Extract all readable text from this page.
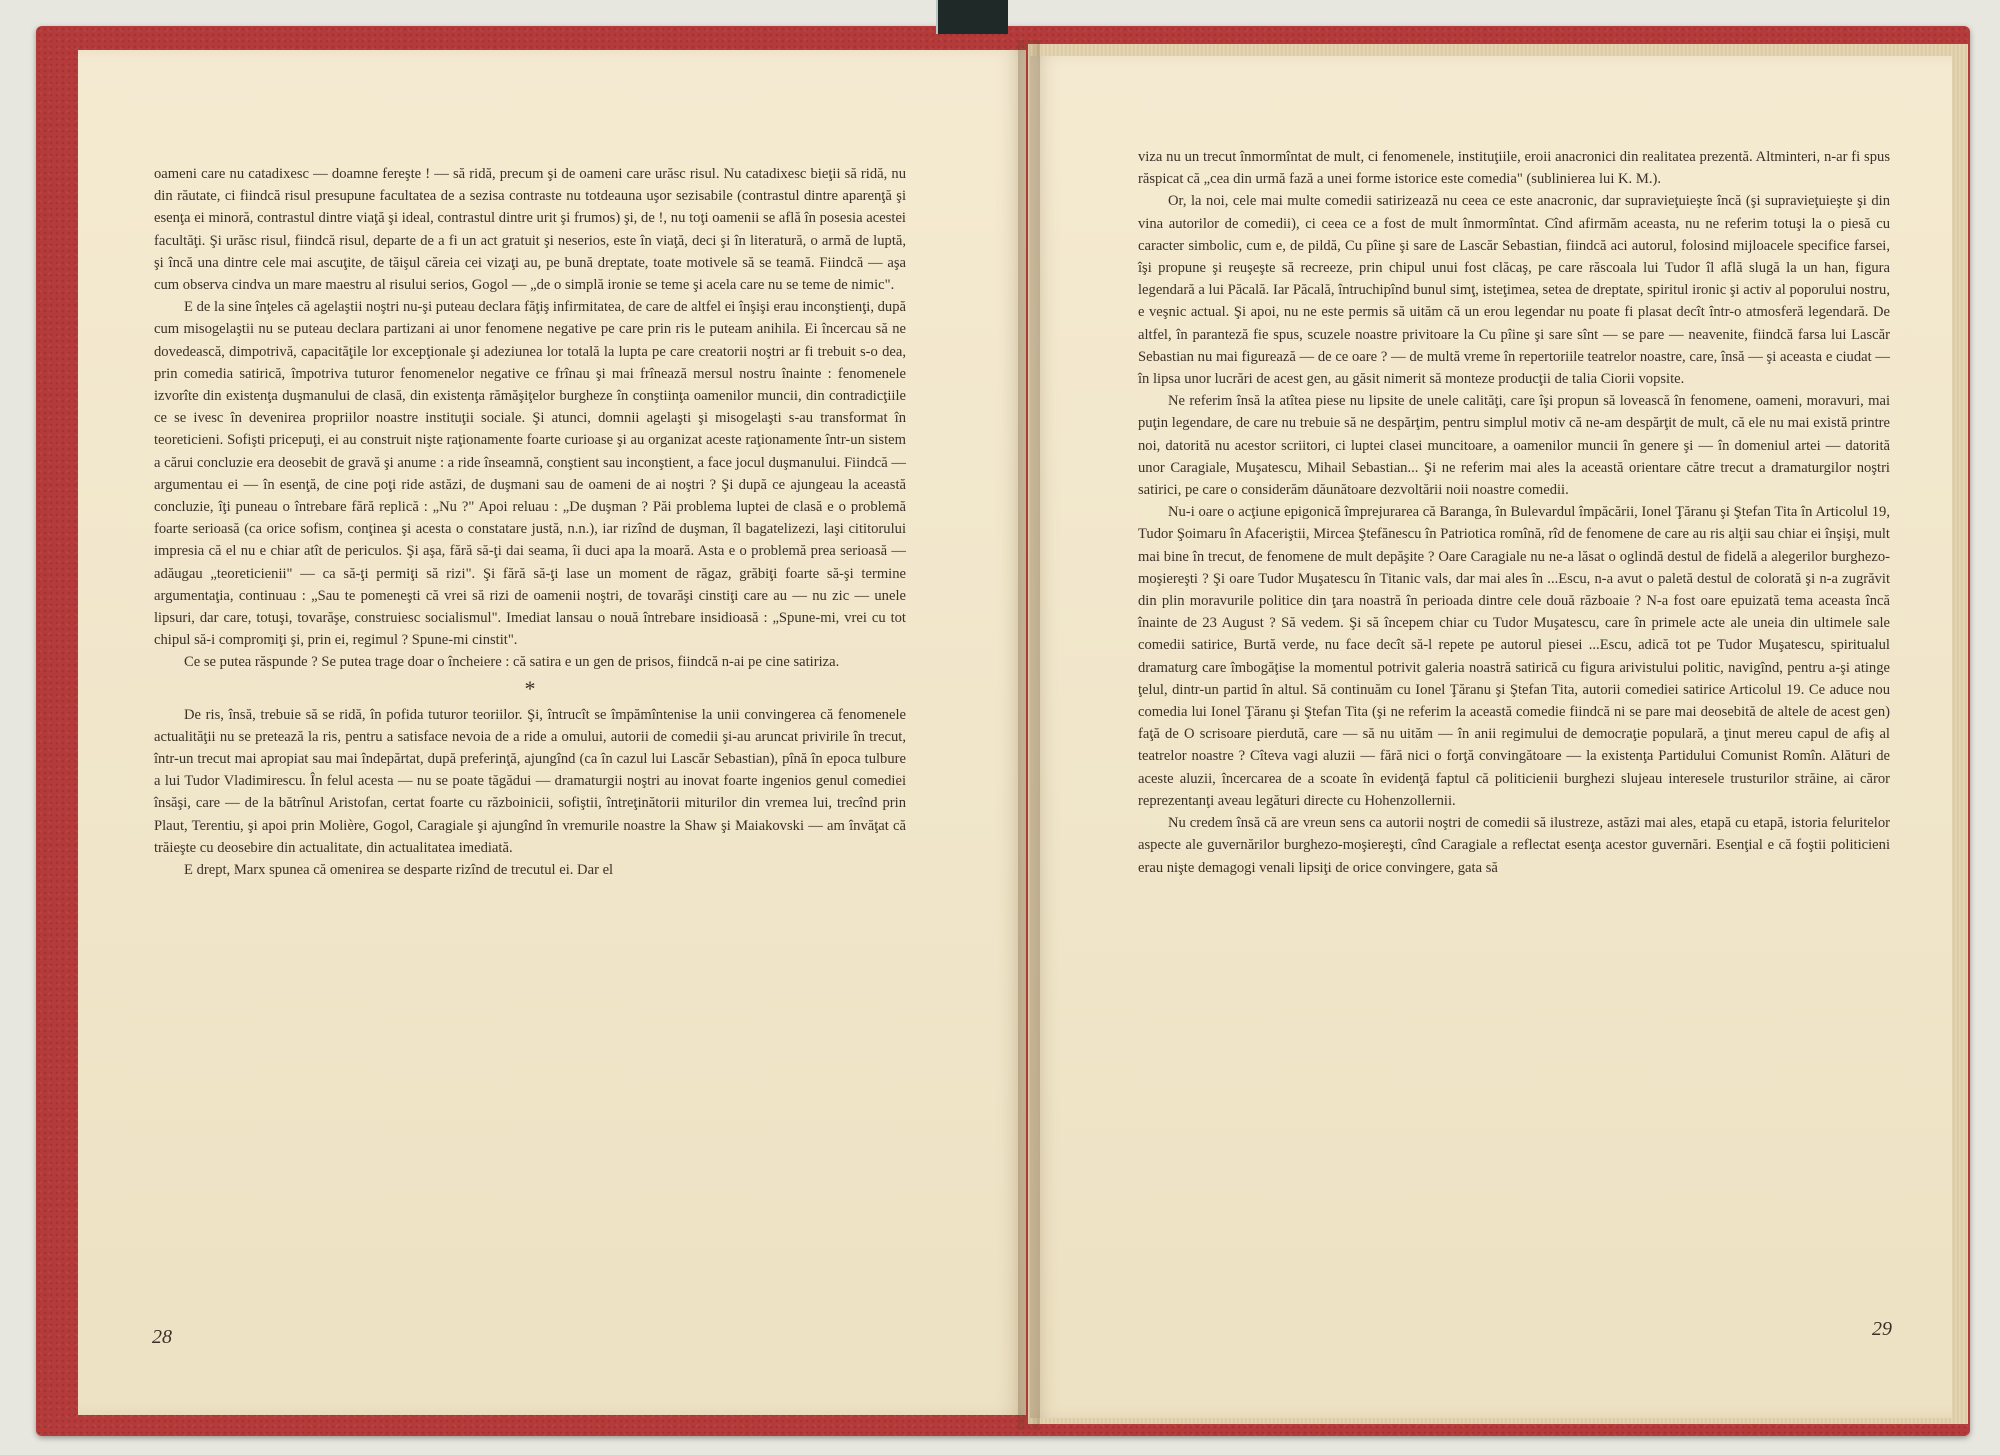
oameni care nu catadixesc — doamne fereşte ! — să ridă, precum şi de oameni care urăsc risul. Nu catadixesc bieţii să ridă, nu din răutate, ci fiindcă risul presupune facultatea de a sezisa contraste nu totdeauna uşor sezisabile (contrastul dintre aparenţă şi esenţa ei minoră, contrastul dintre viaţă şi ideal, contrastul dintre urit şi frumos) şi, de !, nu toţi oamenii se află în posesia acestei facultăţi. Şi urăsc risul, fiindcă risul, departe de a fi un act gratuit şi neserios, este în viaţă, deci şi în literatură, o armă de luptă, şi încă una dintre cele mai ascuţite, de tăişul căreia cei vizaţi au, pe bună dreptate, toate motivele să se teamă. Fiindcă — aşa cum observa cindva un mare maestru al risului serios, Gogol — „de o simplă ironie se teme şi acela care nu se teme de nimic".

E de la sine înţeles că agelaştii noştri nu-şi puteau declara făţiş infirmitatea, de care de altfel ei înşişi erau inconştienţi, după cum misogelaştii nu se puteau declara partizani ai unor fenomene negative pe care prin ris le puteam anihila. Ei încercau să ne dovedească, dimpotrivă, capacităţile lor excepţionale şi adeziunea lor totală la lupta pe care creatorii noştri ar fi trebuit s-o dea, prin comedia satirică, împotriva tuturor fenomenelor negative ce frînau şi mai frînează mersul nostru înainte : fenomenele izvorîte din existenţa duşmanului de clasă, din existenţa rămăşiţelor burgheze în conştiinţa oamenilor muncii, din contradicţiile ce se ivesc în devenirea propriilor noastre instituţii sociale. Şi atunci, domnii agelaşti şi misogelaşti s-au transformat în teoreticieni. Sofişti pricepuţi, ei au construit nişte raţionamente foarte curioase şi au organizat aceste raţionamente într-un sistem a cărui concluzie era deosebit de gravă şi anume : a ride înseamnă, conştient sau inconştient, a face jocul duşmanului. Fiindcă — argumentau ei — în esenţă, de cine poţi ride astăzi, de duşmani sau de oameni de ai noştri ? Şi după ce ajungeau la această concluzie, îţi puneau o întrebare fără replică : „Nu ?" Apoi reluau : „De duşman ? Păi problema luptei de clasă e o problemă foarte serioasă (ca orice sofism, conţinea şi acesta o constatare justă, n.n.), iar rizînd de duşman, îl bagatelizezi, laşi cititorului impresia că el nu e chiar atît de periculos. Şi aşa, fără să-ţi dai seama, îi duci apa la moară. Asta e o problemă prea serioasă — adăugau „teoreticienii" — ca să-ţi permiţi să rizi". Şi fără să-ţi lase un moment de răgaz, grăbiţi foarte să-şi termine argumentaţia, continuau : „Sau te pomeneşti că vrei să rizi de oamenii noştri, de tovarăşi cinstiţi care au — nu zic — unele lipsuri, dar care, totuşi, tovarăşe, construiesc socialismul". Imediat lansau o nouă întrebare insidioasă : „Spune-mi, vrei cu tot chipul să-i compromiţi şi, prin ei, regimul ? Spune-mi cinstit".

Ce se putea răspunde ? Se putea trage doar o încheiere : că satira e un gen de prisos, fiindcă n-ai pe cine satiriza.

*

De ris, însă, trebuie să se ridă, în pofida tuturor teoriilor. Şi, întrucît se împămîntenise la unii convingerea că fenomenele actualităţii nu se pretează la ris, pentru a satisface nevoia de a ride a omului, autorii de comedii şi-au aruncat privirile în trecut, într-un trecut mai apropiat sau mai îndepărtat, după preferinţă, ajungînd (ca în cazul lui Lascăr Sebastian), pînă în epoca tulbure a lui Tudor Vladimirescu. În felul acesta — nu se poate tăgădui — dramaturgii noştri au inovat foarte ingenios genul comediei însăşi, care — de la bătrînul Aristofan, certat foarte cu războinicii, sofiştii, întreţinătorii miturilor din vremea lui, trecînd prin Plaut, Terentiu, şi apoi prin Molière, Gogol, Caragiale şi ajungînd în vremurile noastre la Shaw şi Maiakovski — am învăţat că trăieşte cu deosebire din actualitate, din actualitatea imediată.

E drept, Marx spunea că omenirea se desparte rizînd de trecutul ei. Dar el

28

viza nu un trecut înmormîntat de mult, ci fenomenele, instituţiile, eroii anacronici din realitatea prezentă. Altminteri, n-ar fi spus răspicat că „cea din urmă fază a unei forme istorice este comedia" (sublinierea lui K. M.).

Or, la noi, cele mai multe comedii satirizează nu ceea ce este anacronic, dar supravieţuieşte încă (şi supravieţuieşte şi din vina autorilor de comedii), ci ceea ce a fost de mult înmormîntat. Cînd afirmăm aceasta, nu ne referim totuşi la o piesă cu caracter simbolic, cum e, de pildă, Cu pîine şi sare de Lascăr Sebastian, fiindcă aci autorul, folosind mijloacele specifice farsei, îşi propune şi reuşeşte să recreeze, prin chipul unui fost clăcaş, pe care răscoala lui Tudor îl află slugă la un han, figura legendară a lui Păcală. Iar Păcală, întruchipînd bunul simţ, isteţimea, setea de dreptate, spiritul ironic şi activ al poporului nostru, e veşnic actual. Şi apoi, nu ne este permis să uităm că un erou legendar nu poate fi plasat decît într-o atmosferă legendară. De altfel, în paranteză fie spus, scuzele noastre privitoare la Cu pîine şi sare sînt — se pare — neavenite, fiindcă farsa lui Lascăr Sebastian nu mai figurează — de ce oare ? — de multă vreme în repertoriile teatrelor noastre, care, însă — şi aceasta e ciudat — în lipsa unor lucrări de acest gen, au găsit nimerit să monteze producţii de talia Ciorii vopsite.

Ne referim însă la atîtea piese nu lipsite de unele calităţi, care îşi propun să lovească în fenomene, oameni, moravuri, mai puţin legendare, de care nu trebuie să ne despărţim, pentru simplul motiv că ne-am despărţit de mult, că ele nu mai există printre noi, datorită nu acestor scriitori, ci luptei clasei muncitoare, a oamenilor muncii în genere şi — în domeniul artei — datorită unor Caragiale, Muşatescu, Mihail Sebastian... Şi ne referim mai ales la această orientare către trecut a dramaturgilor noştri satirici, pe care o considerăm dăunătoare dezvoltării noii noastre comedii.

Nu-i oare o acţiune epigonică împrejurarea că Baranga, în Bulevardul împăcării, Ionel Ţăranu şi Ştefan Tita în Articolul 19, Tudor Şoimaru în Afaceriştii, Mircea Ştefănescu în Patriotica romînă, rîd de fenomene de care au ris alţii sau chiar ei înşişi, mult mai bine în trecut, de fenomene de mult depăşite ? Oare Caragiale nu ne-a lăsat o oglindă destul de fidelă a alegerilor burghezo-moşiereşti ? Şi oare Tudor Muşatescu în Titanic vals, dar mai ales în ...Escu, n-a avut o paletă destul de colorată şi n-a zugrăvit din plin moravurile politice din ţara noastră în perioada dintre cele două războaie ? N-a fost oare epuizată tema aceasta încă înainte de 23 August ? Să vedem. Şi să începem chiar cu Tudor Muşatescu, care în primele acte ale uneia din ultimele sale comedii satirice, Burtă verde, nu face decît să-l repete pe autorul piesei ...Escu, adică tot pe Tudor Muşatescu, spiritualul dramaturg care îmbogăţise la momentul potrivit galeria noastră satirică cu figura arivistului politic, navigînd, pentru a-şi atinge ţelul, dintr-un partid în altul. Să continuăm cu Ionel Ţăranu şi Ştefan Tita, autorii comediei satirice Articolul 19. Ce aduce nou comedia lui Ionel Ţăranu şi Ştefan Tita (şi ne referim la această comedie fiindcă ni se pare mai deosebită de altele de acest gen) faţă de O scrisoare pierdută, care — să nu uităm — în anii regimului de democraţie populară, a ţinut mereu capul de afiş al teatrelor noastre ? Cîteva vagi aluzii — fără nici o forţă convingătoare — la existenţa Partidului Comunist Romîn. Alături de aceste aluzii, încercarea de a scoate în evidenţă faptul că politicienii burghezi slujeau interesele trusturilor străine, ai căror reprezentanţi aveau legături directe cu Hohenzollernii.

Nu credem însă că are vreun sens ca autorii noştri de comedii să ilustreze, astăzi mai ales, etapă cu etapă, istoria feluritelor aspecte ale guvernărilor burghezo-moşiereşti, cînd Caragiale a reflectat esenţa acestor guvernări. Esenţial e că foştii politicieni erau nişte demagogi venali lipsiţi de orice convingere, gata să

29
